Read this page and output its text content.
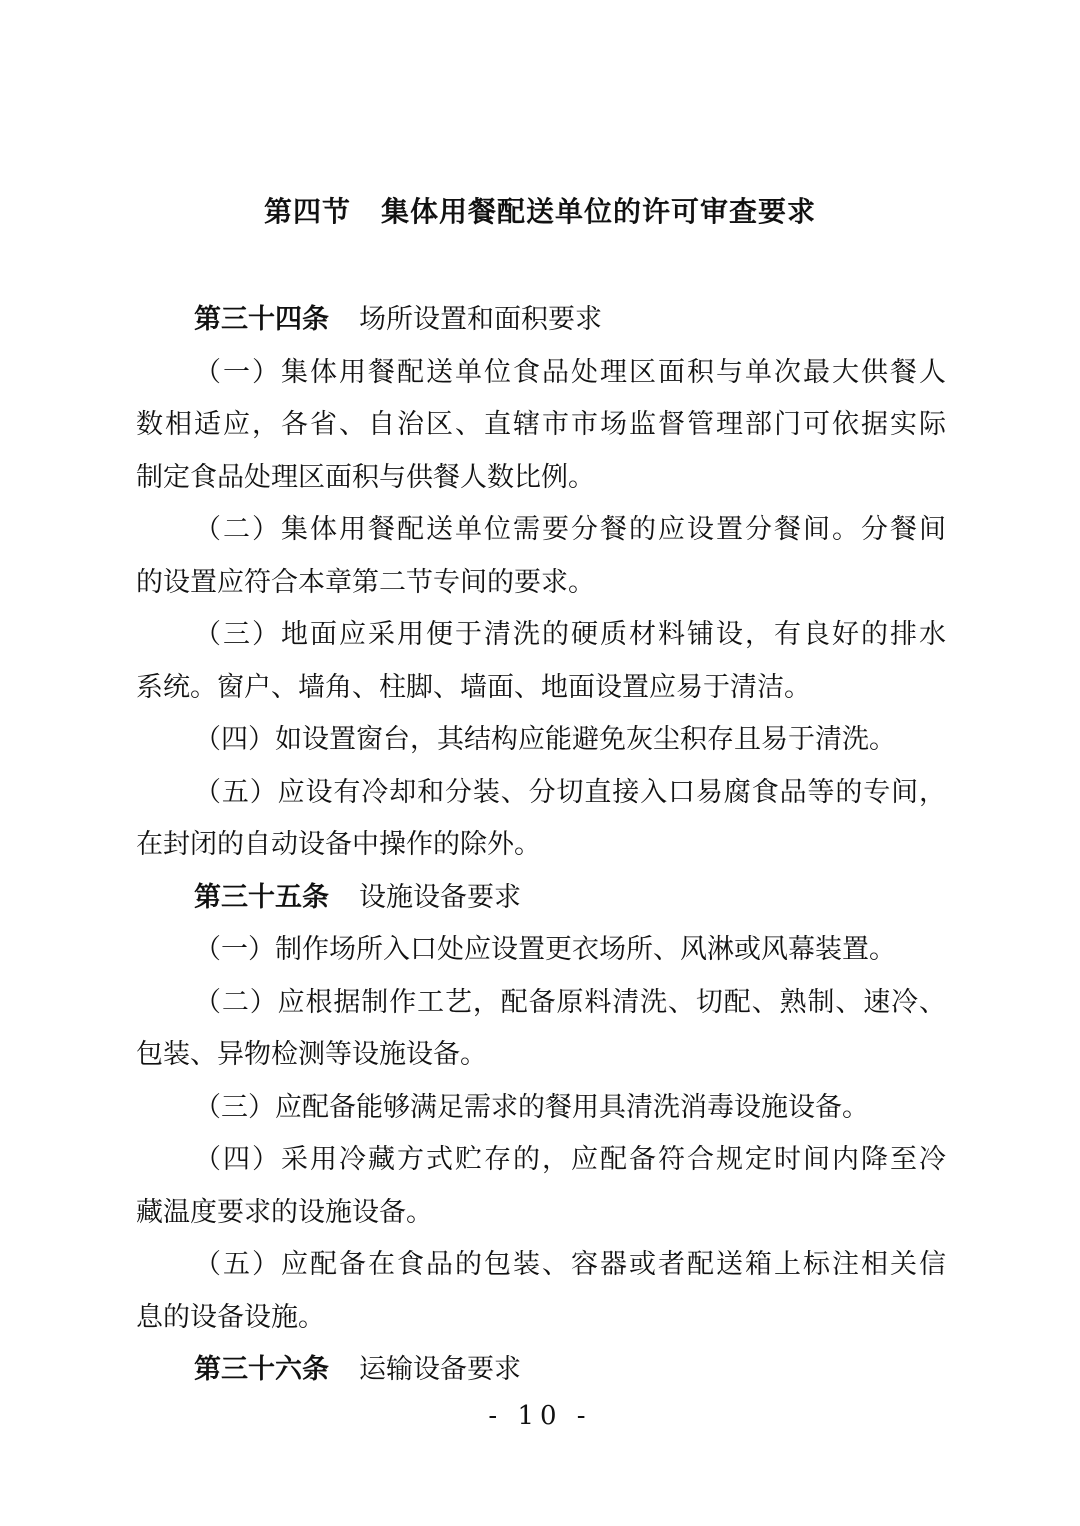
第四节 集体用餐配送单位的许可审查要求
第三十四条 场所设置和面积要求
（一）集体用餐配送单位食品处理区面积与单次最大供餐人
数相适应，各省、自治区、直辖市市场监督管理部门可依据实际
制定食品处理区面积与供餐人数比例。
（二）集体用餐配送单位需要分餐的应设置分餐间。分餐间
的设置应符合本章第二节专间的要求。
（三）地面应采用便于清洗的硬质材料铺设，有良好的排水
系统。窗户、墙角、柱脚、墙面、地面设置应易于清洁。
（四）如设置窗台，其结构应能避免灰尘积存且易于清洗。
（五）应设有冷却和分装、分切直接入口易腐食品等的专间，
在封闭的自动设备中操作的除外。
第三十五条 设施设备要求
（一）制作场所入口处应设置更衣场所、风淋或风幕装置。
（二）应根据制作工艺，配备原料清洗、切配、熟制、速冷、
包装、异物检测等设施设备。
（三）应配备能够满足需求的餐用具清洗消毒设施设备。
（四）采用冷藏方式贮存的，应配备符合规定时间内降至冷
藏温度要求的设施设备。
（五）应配备在食品的包装、容器或者配送箱上标注相关信
息的设备设施。
第三十六条 运输设备要求
- 10 -
